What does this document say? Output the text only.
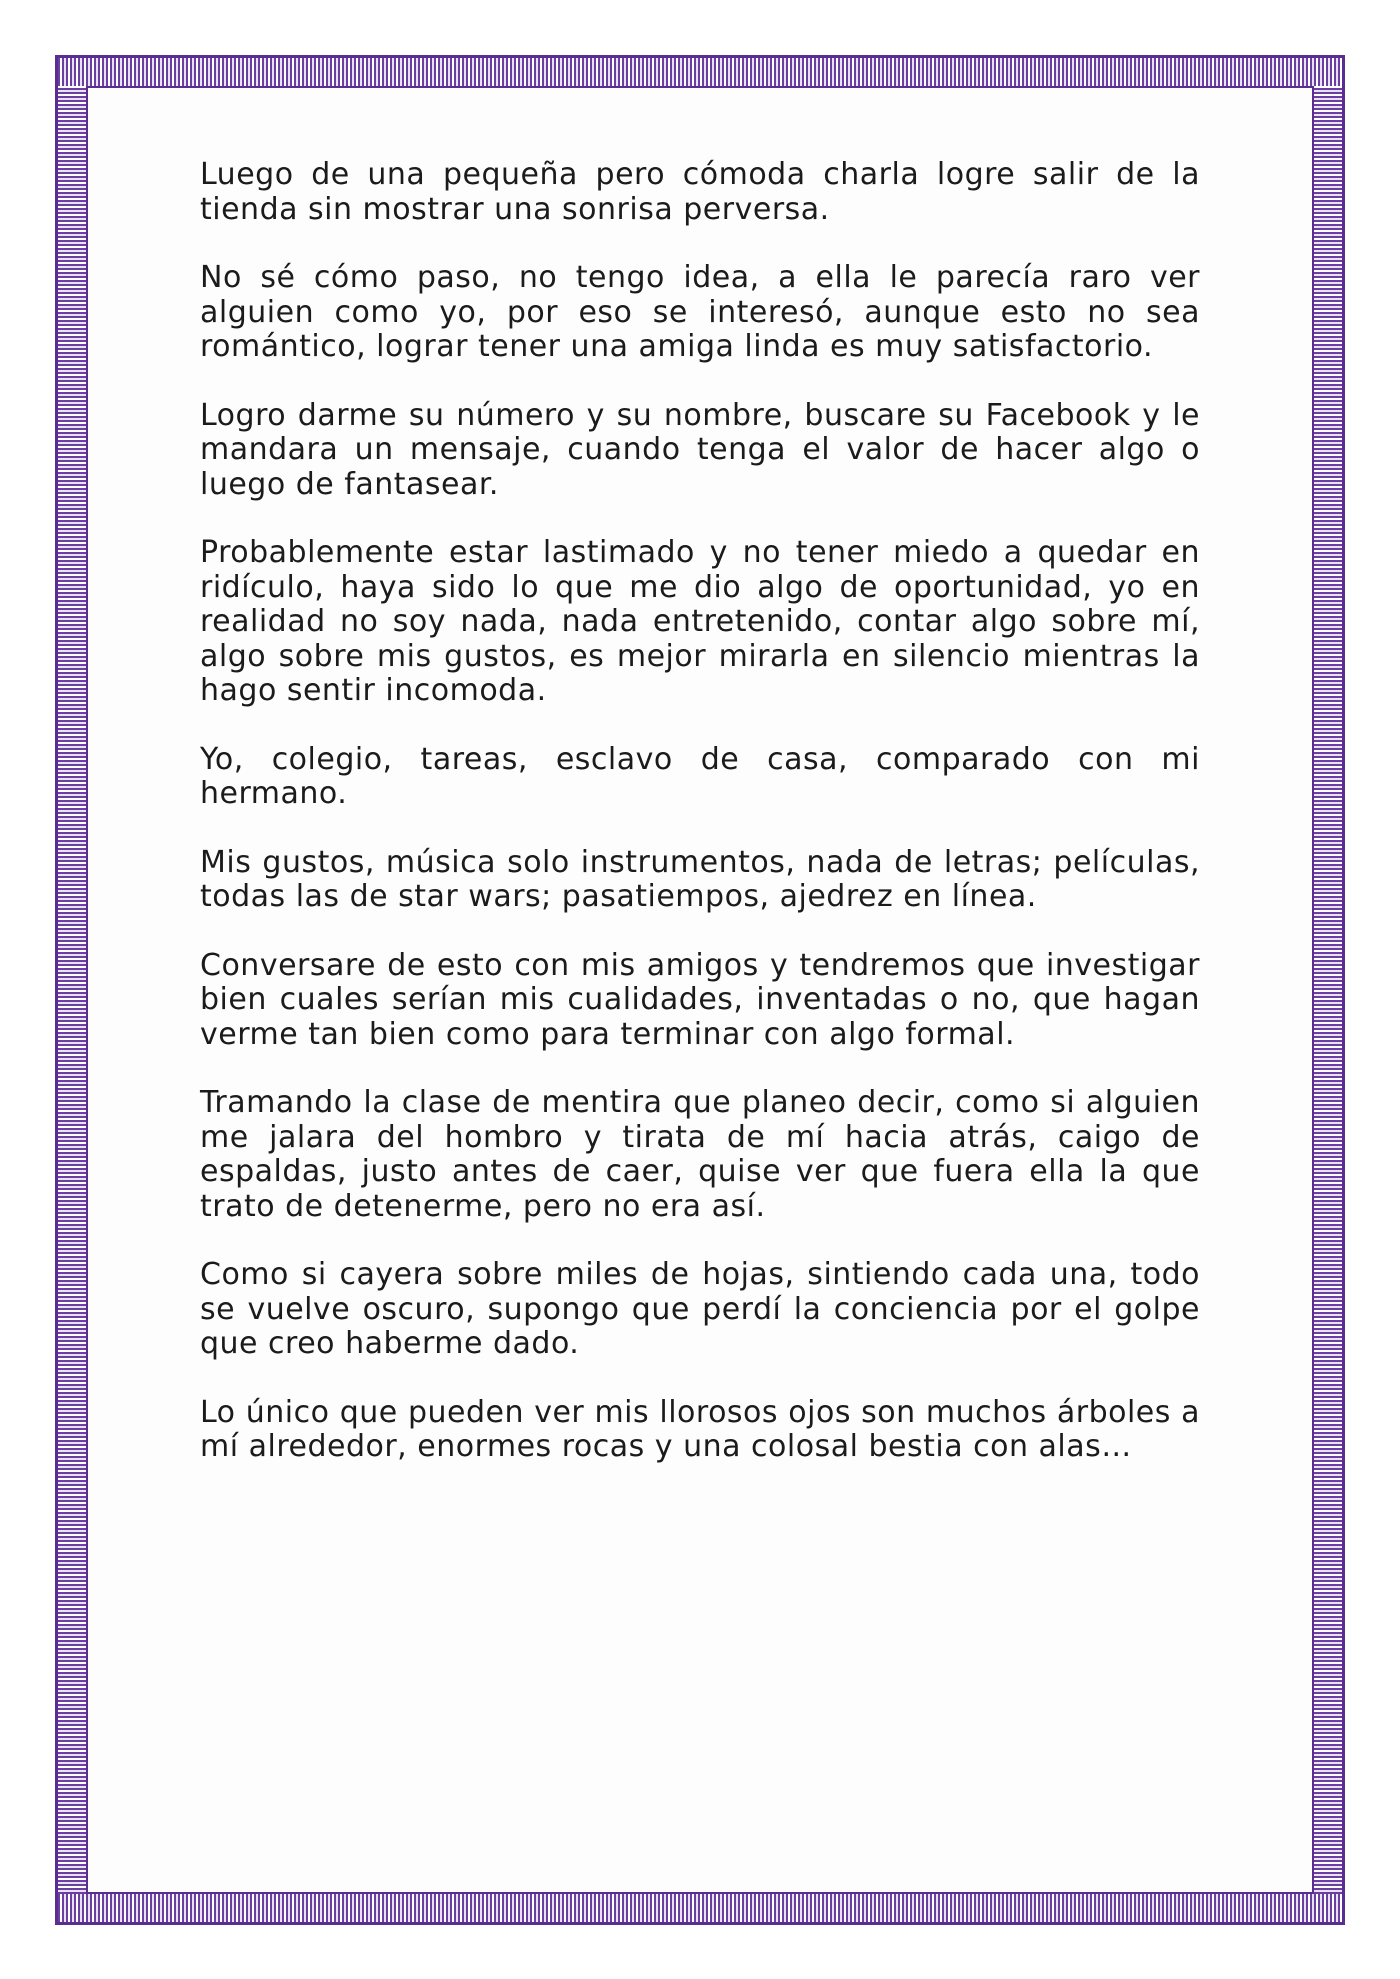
Luego de una pequeña pero cómoda charla logre salir de la tienda sin mostrar una sonrisa perversa.

No sé cómo paso, no tengo idea, a ella le parecía raro ver alguien como yo, por eso se interesó, aunque esto no sea romántico, lograr tener una amiga linda es muy satisfactorio.

Logro darme su número y su nombre, buscare su Facebook y le mandara un mensaje, cuando tenga el valor de hacer algo o luego de fantasear.

Probablemente estar lastimado y no tener miedo a quedar en ridículo, haya sido lo que me dio algo de oportunidad, yo en realidad no soy nada, nada entretenido, contar algo sobre mí, algo sobre mis gustos, es mejor mirarla en silencio mientras la hago sentir incomoda.

Yo, colegio, tareas, esclavo de casa, comparado con mi hermano.

Mis gustos, música solo instrumentos, nada de letras; películas, todas las de star wars; pasatiempos, ajedrez en línea.

Conversare de esto con mis amigos y tendremos que investigar bien cuales serían mis cualidades, inventadas o no, que hagan verme tan bien como para terminar con algo formal.

Tramando la clase de mentira que planeo decir, como si alguien me jalara del hombro y tirata de mí hacia atrás, caigo de espaldas, justo antes de caer, quise ver que fuera ella la que trato de detenerme, pero no era así.

Como si cayera sobre miles de hojas, sintiendo cada una, todo se vuelve oscuro, supongo que perdí la conciencia por el golpe que creo haberme dado.

Lo único que pueden ver mis llorosos ojos son muchos árboles a mí alrededor, enormes rocas y una colosal bestia con alas…
